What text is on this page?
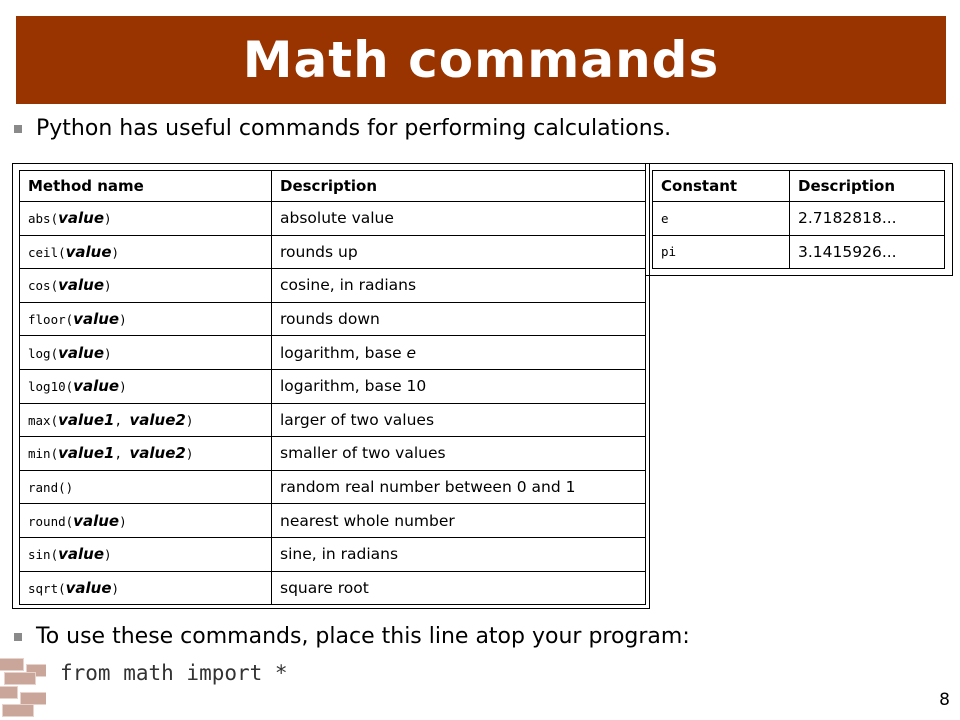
Math commands
Python has useful commands for performing calculations.
Method name	Description
abs(value)	absolute value
ceil(value)	rounds up
cos(value)	cosine, in radians
floor(value)	rounds down
log(value)	logarithm, base e
log10(value)	logarithm, base 10
max(value1, value2)	larger of two values
min(value1, value2)	smaller of two values
rand()	random real number between 0 and 1
round(value)	nearest whole number
sin(value)	sine, in radians
sqrt(value)	square root
Constant	Description
e	2.7182818...
pi	3.1415926...
To use these commands, place this line atop your program:
from math import *
8
